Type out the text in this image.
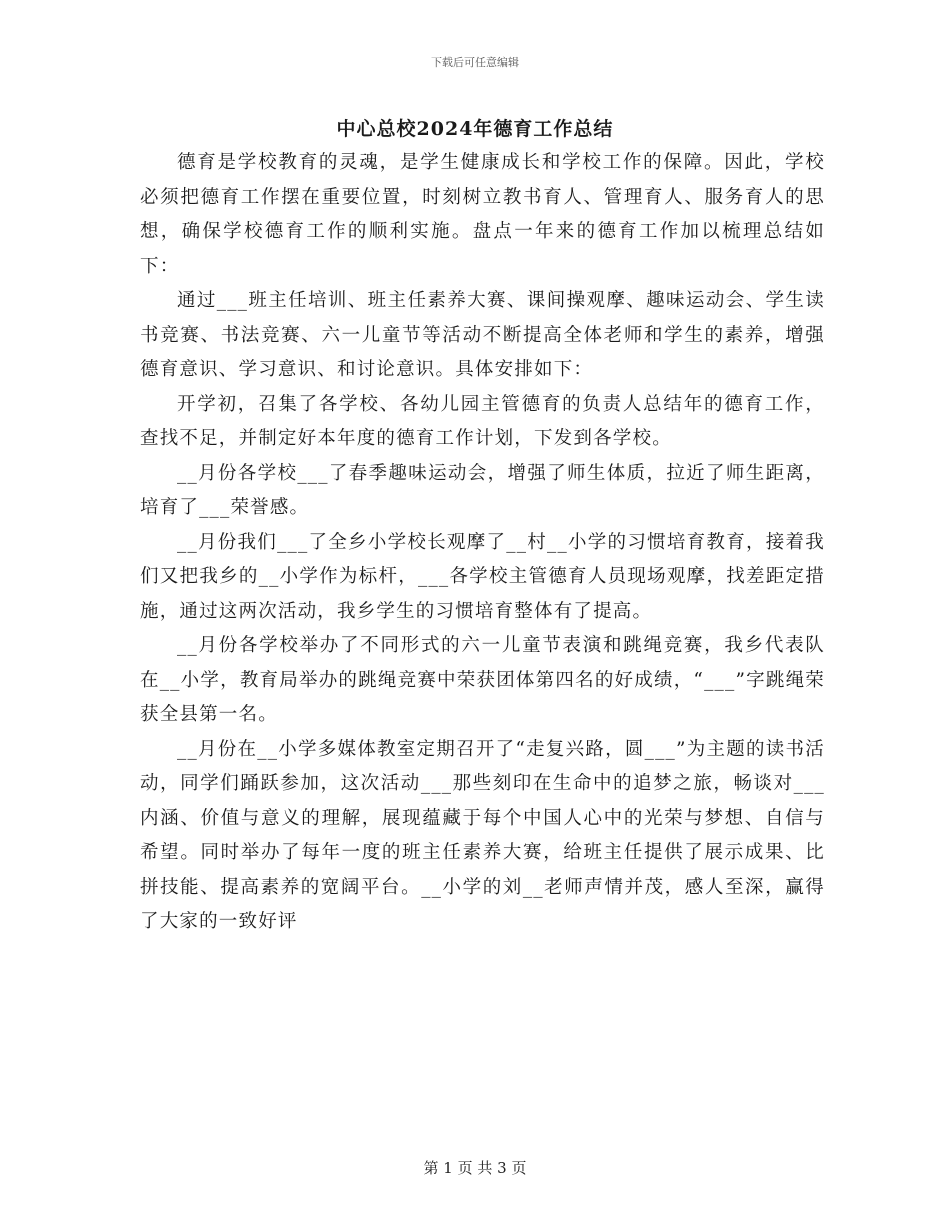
下载后可任意编辑
中心总校2024年德育工作总结

德育是学校教育的灵魂，是学生健康成长和学校工作的保障。因此，学校必须把德育工作摆在重要位置，时刻树立教书育人、管理育人、服务育人的思想，确保学校德育工作的顺利实施。盘点一年来的德育工作加以梳理总结如下：

通过___班主任培训、班主任素养大赛、课间操观摩、趣味运动会、学生读书竞赛、书法竞赛、六一儿童节等活动不断提高全体老师和学生的素养，增强德育意识、学习意识、和讨论意识。具体安排如下：

开学初，召集了各学校、各幼儿园主管德育的负责人总结年的德育工作，查找不足，并制定好本年度的德育工作计划，下发到各学校。

__月份各学校___了春季趣味运动会，增强了师生体质，拉近了师生距离，培育了___荣誉感。

__月份我们___了全乡小学校长观摩了__村__小学的习惯培育教育，接着我们又把我乡的__小学作为标杆，___各学校主管德育人员现场观摩，找差距定措施，通过这两次活动，我乡学生的习惯培育整体有了提高。

__月份各学校举办了不同形式的六一儿童节表演和跳绳竞赛，我乡代表队在__小学，教育局举办的跳绳竞赛中荣获团体第四名的好成绩，“___”字跳绳荣获全县第一名。

__月份在__小学多媒体教室定期召开了“走复兴路，圆___”为主题的读书活动，同学们踊跃参加，这次活动___那些刻印在生命中的追梦之旅，畅谈对___内涵、价值与意义的理解，展现蕴藏于每个中国人心中的光荣与梦想、自信与希望。同时举办了每年一度的班主任素养大赛，给班主任提供了展示成果、比拼技能、提高素养的宽阔平台。__小学的刘__老师声情并茂，感人至深，赢得了大家的一致好评

第 1 页 共 3 页
